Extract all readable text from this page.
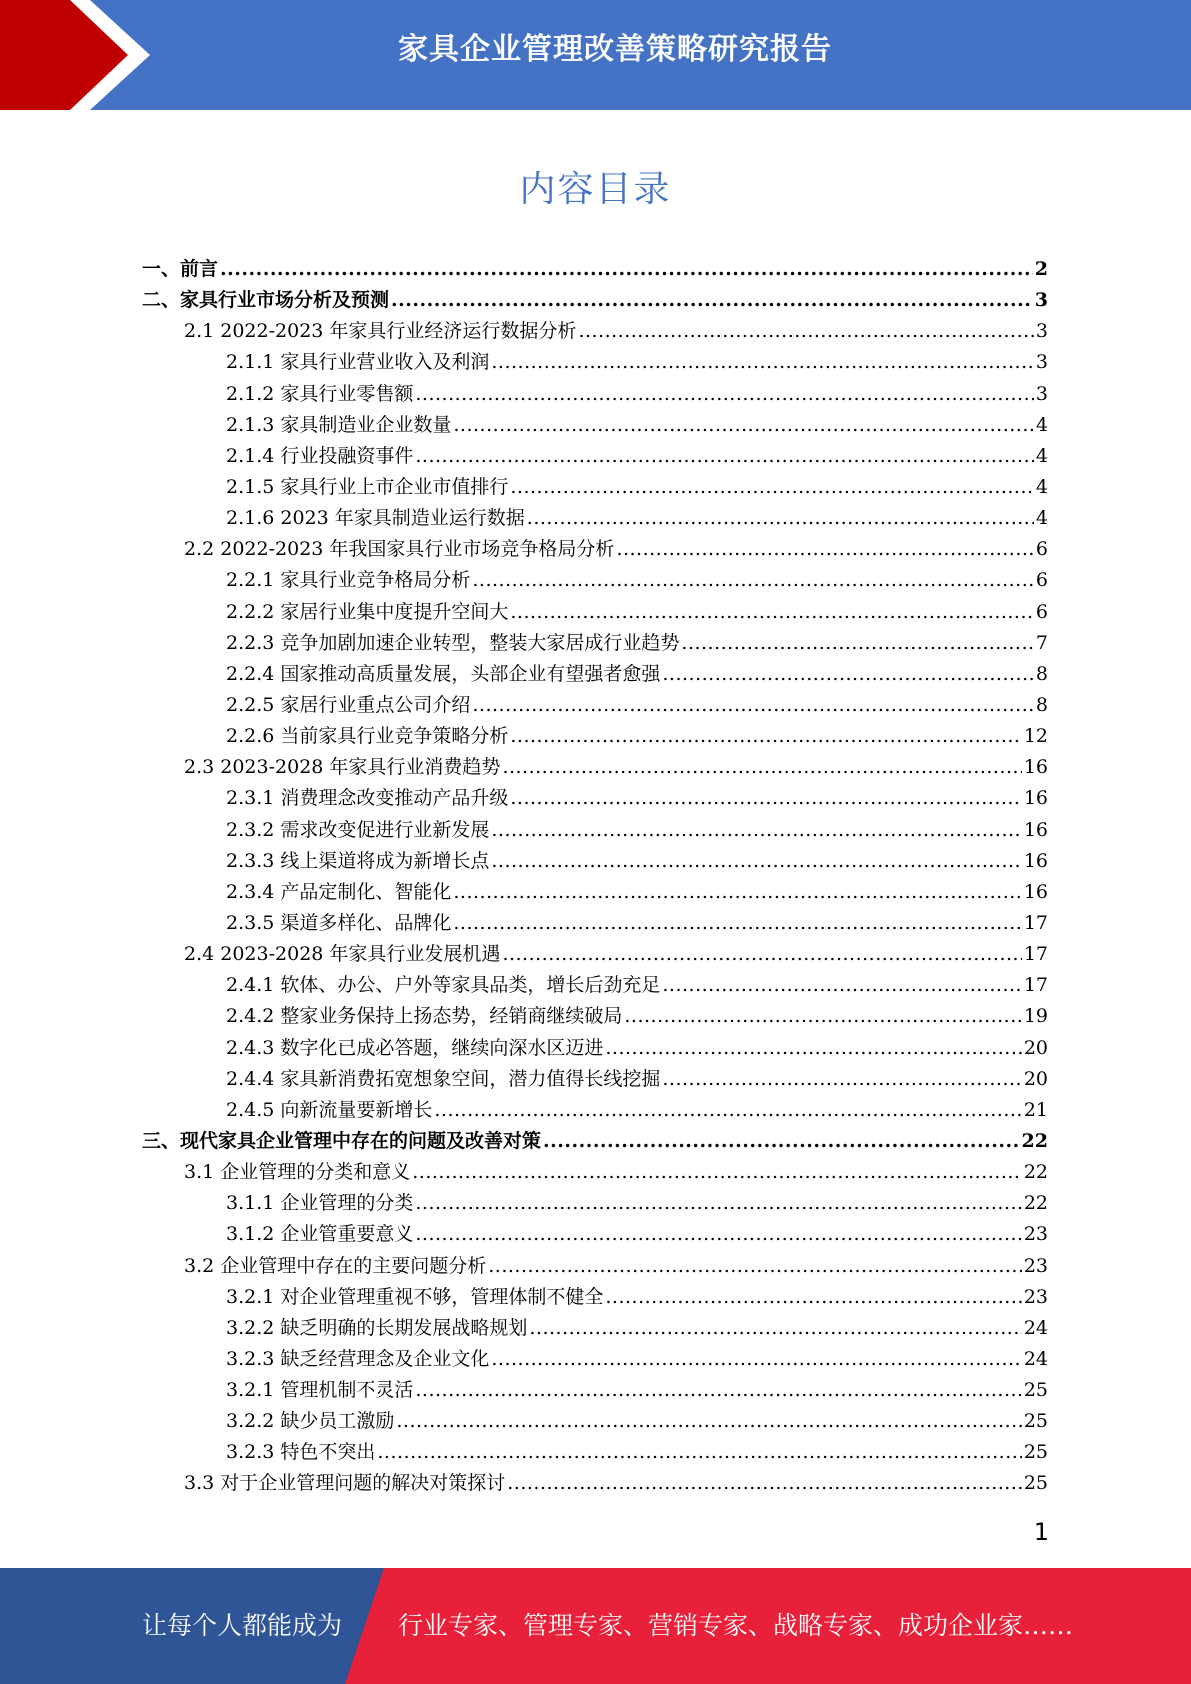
家具企业管理改善策略研究报告
内容目录
一、前言 .....	2
二、家具行业市场分析及预测 .....	3
2.1 2022-2023 年家具行业经济运行数据分析 .....	3
2.1.1 家具行业营业收入及利润 .....	3
2.1.2 家具行业零售额 .....	3
2.1.3 家具制造业企业数量 .....	4
2.1.4 行业投融资事件 .....	4
2.1.5 家具行业上市企业市值排行 .....	4
2.1.6 2023 年家具制造业运行数据 .....	4
2.2 2022-2023 年我国家具行业市场竞争格局分析 .....	6
2.2.1 家具行业竞争格局分析 .....	6
2.2.2 家居行业集中度提升空间大 .....	6
2.2.3 竞争加剧加速企业转型，整装大家居成行业趋势 .....	7
2.2.4 国家推动高质量发展，头部企业有望强者愈强 .....	8
2.2.5 家居行业重点公司介绍 .....	8
2.2.6 当前家具行业竞争策略分析 .....	12
2.3 2023-2028 年家具行业消费趋势 .....	16
2.3.1 消费理念改变推动产品升级 .....	16
2.3.2 需求改变促进行业新发展 .....	16
2.3.3 线上渠道将成为新增长点 .....	16
2.3.4 产品定制化、智能化 .....	16
2.3.5 渠道多样化、品牌化 .....	17
2.4 2023-2028 年家具行业发展机遇 .....	17
2.4.1 软体、办公、户外等家具品类，增长后劲充足 .....	17
2.4.2 整家业务保持上扬态势，经销商继续破局 .....	19
2.4.3 数字化已成必答题，继续向深水区迈进 .....	20
2.4.4 家具新消费拓宽想象空间，潜力值得长线挖掘 .....	20
2.4.5 向新流量要新增长 .....	21
三、现代家具企业管理中存在的问题及改善对策 .....	22
3.1 企业管理的分类和意义 .....	22
3.1.1 企业管理的分类 .....	22
3.1.2 企业管重要意义 .....	23
3.2 企业管理中存在的主要问题分析 .....	23
3.2.1 对企业管理重视不够，管理体制不健全 .....	23
3.2.2 缺乏明确的长期发展战略规划 .....	24
3.2.3 缺乏经营理念及企业文化 .....	24
3.2.1 管理机制不灵活 .....	25
3.2.2 缺少员工激励 .....	25
3.2.3 特色不突出 .....	25
3.3 对于企业管理问题的解决对策探讨 .....	25
1
让每个人都能成为 行业专家、管理专家、营销专家、战略专家、成功企业家……
